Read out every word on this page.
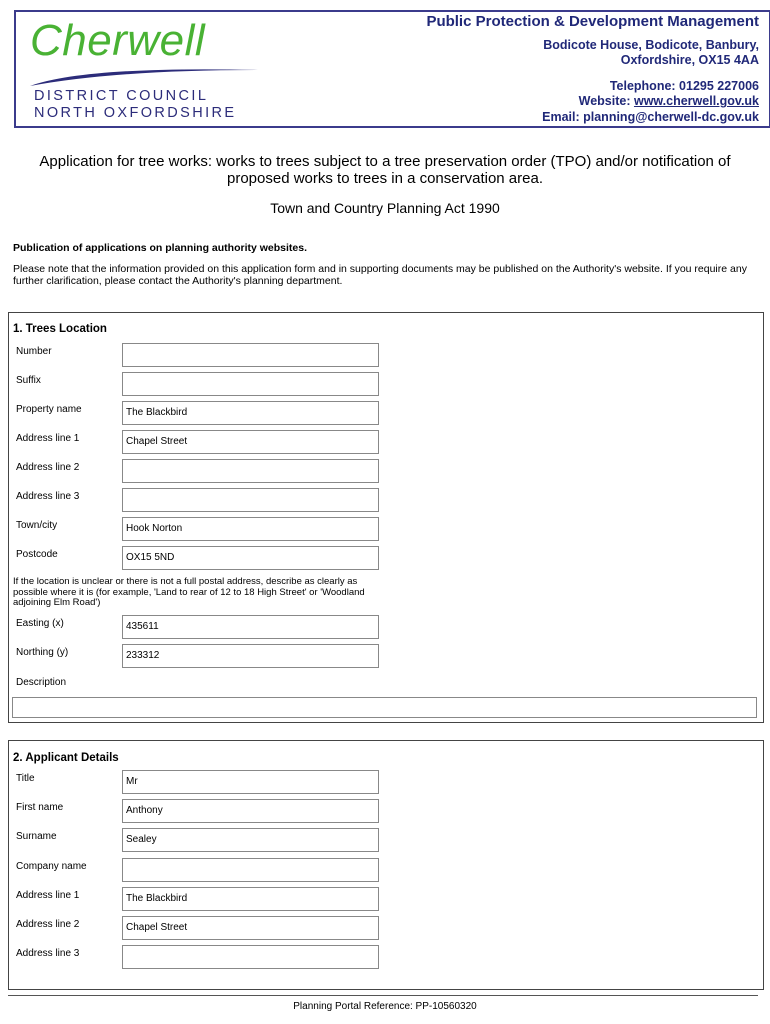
Cherwell
DISTRICT COUNCIL
NORTH OXFORDSHIRE
Public Protection & Development Management
Bodicote House, Bodicote, Banbury,
Oxfordshire, OX15 4AA
Telephone: 01295 227006
Website: www.cherwell.gov.uk
Email: planning@cherwell-dc.gov.uk
Application for tree works: works to trees subject to a tree preservation order (TPO) and/or notification of proposed works to trees in a conservation area.
Town and Country Planning Act 1990
Publication of applications on planning authority websites.
Please note that the information provided on this application form and in supporting documents may be published on the Authority's website. If you require any further clarification, please contact the Authority's planning department.
1. Trees Location
Number
Suffix
Property name	The Blackbird
Address line 1	Chapel Street
Address line 2
Address line 3
Town/city	Hook Norton
Postcode	OX15 5ND
If the location is unclear or there is not a full postal address, describe as clearly as possible where it is (for example, 'Land to rear of 12 to 18 High Street' or 'Woodland adjoining Elm Road')
Easting (x)	435611
Northing (y)	233312
Description
2. Applicant Details
Title	Mr
First name	Anthony
Surname	Sealey
Company name
Address line 1	The Blackbird
Address line 2	Chapel Street
Address line 3
Planning Portal Reference: PP-10560320
